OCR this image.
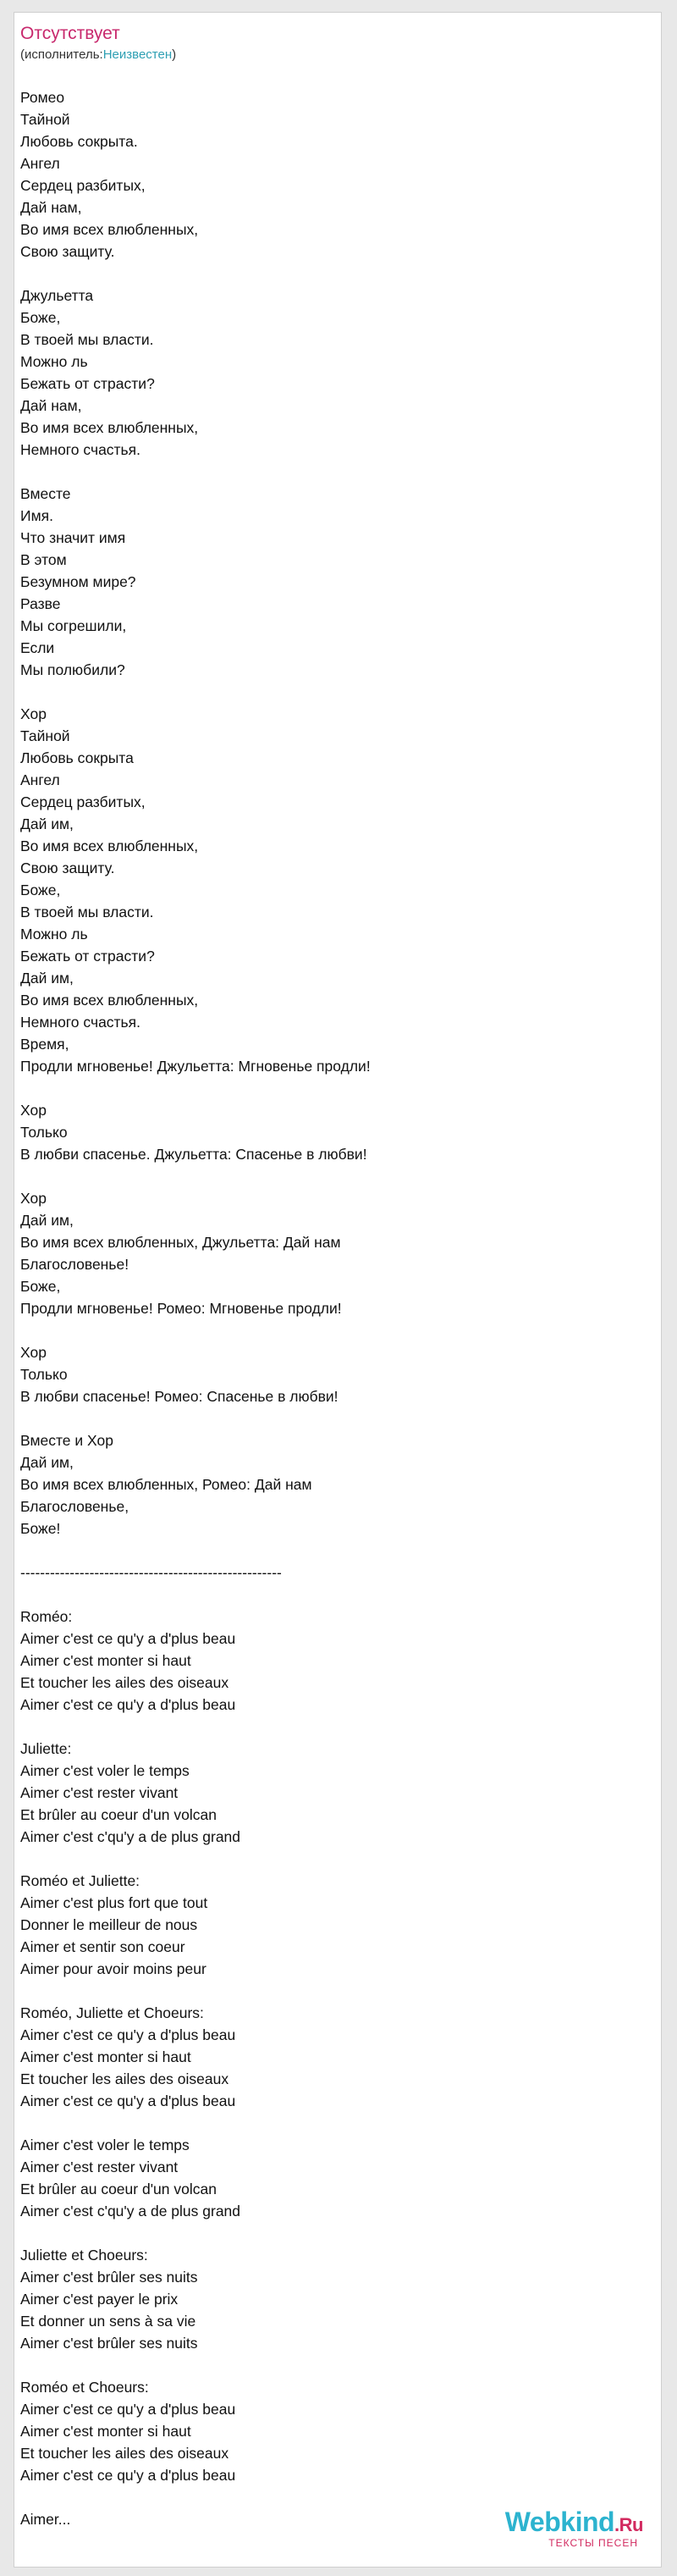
Отсутствует
(исполнитель:Неизвестен)
Ромео
Тайной
Любовь сокрыта.
Ангел
Сердец разбитых,
Дай нам,
Во имя всех влюбленных,
Свою защиту.
Джульетта
Боже,
В твоей мы власти.
Можно ль
Бежать от страсти?
Дай нам,
Во имя всех влюбленных,
Немного счастья.
Вместе
Имя.
Что значит имя
В этом
Безумном мире?
Разве
Мы согрешили,
Если
Мы полюбили?
Хор
Тайной
Любовь сокрыта
Ангел
Сердец разбитых,
Дай им,
Во имя всех влюбленных,
Свою защиту.
Боже,
В твоей мы власти.
Можно ль
Бежать от страсти?
Дай им,
Во имя всех влюбленных,
Немного счастья.
Время,
Продли мгновенье! Джульетта: Мгновенье продли!
Хор
Только
В любви спасенье. Джульетта: Спасенье в любви!
Хор
Дай им,
Во имя всех влюбленных, Джульетта: Дай нам
Благословенье!
Боже,
Продли мгновенье! Ромео: Мгновенье продли!
Хор
Только
В любви спасенье! Ромео: Спасенье в любви!
Вместе и Хор
Дай им,
Во имя всех влюбленных, Ромео: Дай нам
Благословенье,
Боже!
-----------------------------------------------------
Roméo:
Aimer c'est ce qu'y a d'plus beau
Aimer c'est monter si haut
Et toucher les ailes des oiseaux
Aimer c'est ce qu'y a d'plus beau
Juliette:
Aimer c'est voler le temps
Aimer c'est rester vivant
Et brûler au coeur d'un volcan
Aimer c'est c'qu'y a de plus grand
Roméo et Juliette:
Aimer c'est plus fort que tout
Donner le meilleur de nous
Aimer et sentir son coeur
Aimer pour avoir moins peur
Roméo, Juliette et Choeurs:
Aimer c'est ce qu'y a d'plus beau
Aimer c'est monter si haut
Et toucher les ailes des oiseaux
Aimer c'est ce qu'y a d'plus beau
Aimer c'est voler le temps
Aimer c'est rester vivant
Et brûler au coeur d'un volcan
Aimer c'est c'qu'y a de plus grand
Juliette et Choeurs:
Aimer c'est brûler ses nuits
Aimer c'est payer le prix
Et donner un sens à sa vie
Aimer c'est brûler ses nuits
Roméo et Choeurs:
Aimer c'est ce qu'y a d'plus beau
Aimer c'est monter si haut
Et toucher les ailes des oiseaux
Aimer c'est ce qu'y a d'plus beau
Aimer...	Webkind.Ru
ТЕКСТЫ ПЕСЕН
